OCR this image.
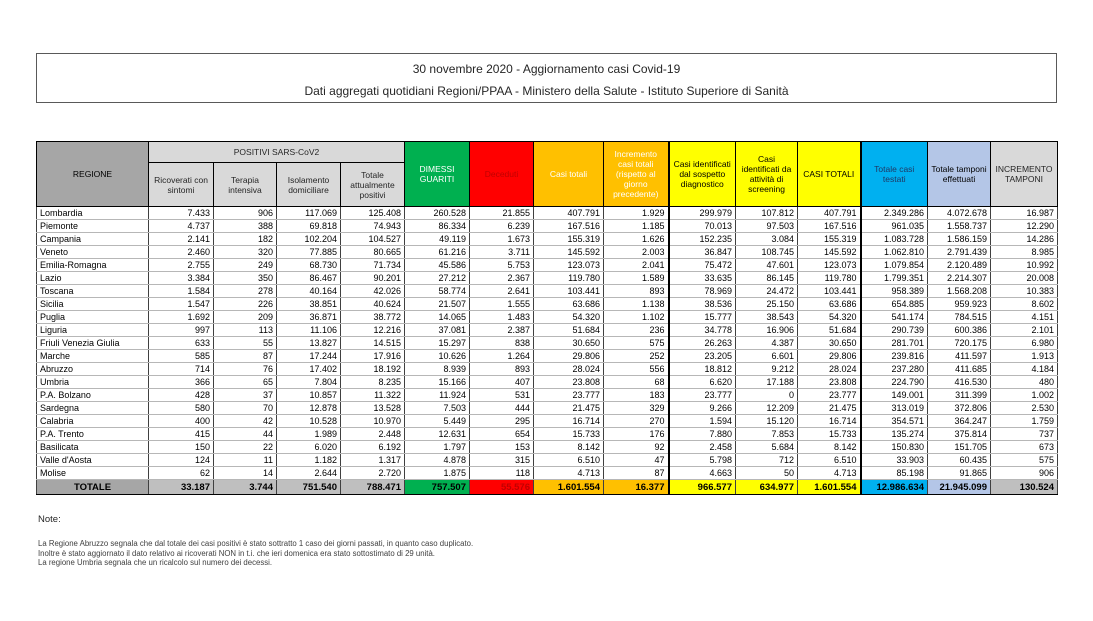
30 novembre 2020 - Aggiornamento casi Covid-19
Dati aggregati quotidiani Regioni/PPAA - Ministero della Salute - Istituto Superiore di Sanità
REGIONE	POSITIVI SARS-CoV2				DIMESSI GUARITI	Deceduti	Casi totali	Incremento casi totali (rispetto al giorno precedente)	Casi identificati dal sospetto diagnostico	Casi identificati da attività di screening	CASI TOTALI	Totale casi testati	Totale tamponi effettuati	INCREMENTO TAMPONI
	Ricoverati con sintomi	Terapia intensiva	Isolamento domiciliare	Totale attualmente positivi										
Lombardia	7.433	906	117.069	125.408	260.528	21.855	407.791	1.929	299.979	107.812	407.791	2.349.286	4.072.678	16.987
Piemonte	4.737	388	69.818	74.943	86.334	6.239	167.516	1.185	70.013	97.503	167.516	961.035	1.558.737	12.290
Campania	2.141	182	102.204	104.527	49.119	1.673	155.319	1.626	152.235	3.084	155.319	1.083.728	1.586.159	14.286
Veneto	2.460	320	77.885	80.665	61.216	3.711	145.592	2.003	36.847	108.745	145.592	1.062.810	2.791.439	8.985
Emilia-Romagna	2.755	249	68.730	71.734	45.586	5.753	123.073	2.041	75.472	47.601	123.073	1.079.854	2.120.489	10.992
Lazio	3.384	350	86.467	90.201	27.212	2.367	119.780	1.589	33.635	86.145	119.780	1.799.351	2.214.307	20.008
Toscana	1.584	278	40.164	42.026	58.774	2.641	103.441	893	78.969	24.472	103.441	958.389	1.568.208	10.383
Sicilia	1.547	226	38.851	40.624	21.507	1.555	63.686	1.138	38.536	25.150	63.686	654.885	959.923	8.602
Puglia	1.692	209	36.871	38.772	14.065	1.483	54.320	1.102	15.777	38.543	54.320	541.174	784.515	4.151
Liguria	997	113	11.106	12.216	37.081	2.387	51.684	236	34.778	16.906	51.684	290.739	600.386	2.101
Friuli Venezia Giulia	633	55	13.827	14.515	15.297	838	30.650	575	26.263	4.387	30.650	281.701	720.175	6.980
Marche	585	87	17.244	17.916	10.626	1.264	29.806	252	23.205	6.601	29.806	239.816	411.597	1.913
Abruzzo	714	76	17.402	18.192	8.939	893	28.024	556	18.812	9.212	28.024	237.280	411.685	4.184
Umbria	366	65	7.804	8.235	15.166	407	23.808	68	6.620	17.188	23.808	224.790	416.530	480
P.A. Bolzano	428	37	10.857	11.322	11.924	531	23.777	183	23.777	0	23.777	149.001	311.399	1.002
Sardegna	580	70	12.878	13.528	7.503	444	21.475	329	9.266	12.209	21.475	313.019	372.806	2.530
Calabria	400	42	10.528	10.970	5.449	295	16.714	270	1.594	15.120	16.714	354.571	364.247	1.759
P.A. Trento	415	44	1.989	2.448	12.631	654	15.733	176	7.880	7.853	15.733	135.274	375.814	737
Basilicata	150	22	6.020	6.192	1.797	153	8.142	92	2.458	5.684	8.142	150.830	151.705	673
Valle d'Aosta	124	11	1.182	1.317	4.878	315	6.510	47	5.798	712	6.510	33.903	60.435	575
Molise	62	14	2.644	2.720	1.875	118	4.713	87	4.663	50	4.713	85.198	91.865	906
TOTALE	33.187	3.744	751.540	788.471	757.507	55.576	1.601.554	16.377	966.577	634.977	1.601.554	12.986.634	21.945.099	130.524
Note:
La Regione Abruzzo segnala che dal totale dei casi positivi è stato sottratto 1 caso dei giorni passati, in quanto caso duplicato.
Inoltre è stato aggiornato il dato relativo ai ricoverati NON in t.i. che ieri domenica era stato sottostimato di 29 unità.
La regione Umbria segnala che un ricalcolo sul numero dei decessi.
